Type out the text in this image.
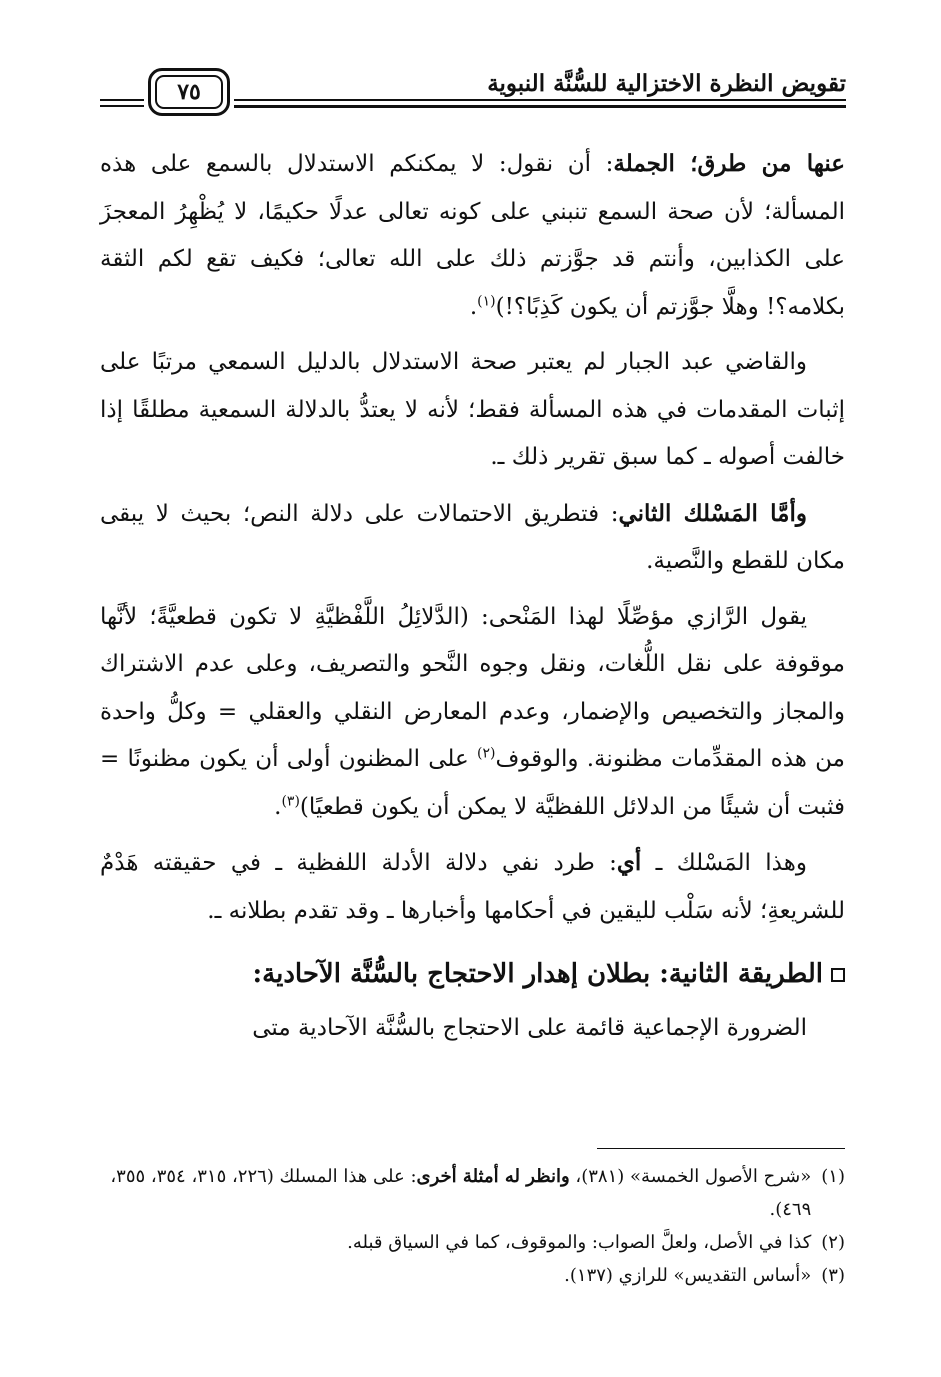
تقويض النظرة الاختزالية للسُّنَّة النبوية
٧٥

عنها من طرق؛ الجملة: أن نقول: لا يمكنكم الاستدلال بالسمع على هذه المسألة؛ لأن صحة السمع تنبني على كونه تعالى عدلًا حكيمًا، لا يُظْهِرُ المعجزَ على الكذابين، وأنتم قد جوَّزتم ذلك على الله تعالى؛ فكيف تقع لكم الثقة بكلامه؟! وهلَّا جوَّزتم أن يكون كَذِبًا؟!)$^{(١)}$.

والقاضي عبد الجبار لم يعتبر صحة الاستدلال بالدليل السمعي مرتبًا على إثبات المقدمات في هذه المسألة فقط؛ لأنه لا يعتدُّ بالدلالة السمعية مطلقًا إذا خالفت أصوله ـ كما سبق تقرير ذلك ـ.

وأمَّا المَسْلك الثاني: فتطريق الاحتمالات على دلالة النص؛ بحيث لا يبقى مكان للقطع والنَّصية.

يقول الرَّازي مؤصِّلًا لهذا المَنْحى: (الدَّلائِلُ اللَّفْظيَّةِ لا تكون قطعيَّةً؛ لأنَّها موقوفة على نقل اللُّغات، ونقل وجوه النَّحو والتصريف، وعلى عدم الاشتراك والمجاز والتخصيص والإضمار، وعدم المعارض النقلي والعقلي = وكلُّ واحدة من هذه المقدِّمات مظنونة. والوقوف$^{(٢)}$ على المظنون أولى أن يكون مظنونًا = فثبت أن شيئًا من الدلائل اللفظيَّة لا يمكن أن يكون قطعيًا)$^{(٣)}$.

وهذا المَسْلك ـ أي: طرد نفي دلالة الأدلة اللفظية ـ في حقيقته هَدْمٌ للشريعةِ؛ لأنه سَلْب لليقين في أحكامها وأخبارها ـ وقد تقدم بطلانه ـ.

الطريقة الثانية: بطلان إهدار الاحتجاج بالسُّنَّة الآحادية:

الضرورة الإجماعية قائمة على الاحتجاج بالسُّنَّة الآحادية متى

(١)
«شرح الأصول الخمسة» (٣٨١)، وانظر له أمثلة أخرى: على هذا المسلك (٢٢٦، ٣١٥، ٣٥٤، ٣٥٥، ٤٦٩).
(٢)
كذا في الأصل، ولعلَّ الصواب: والموقوف، كما في السياق قبله.
(٣)
«أساس التقديس» للرازي (١٣٧).
